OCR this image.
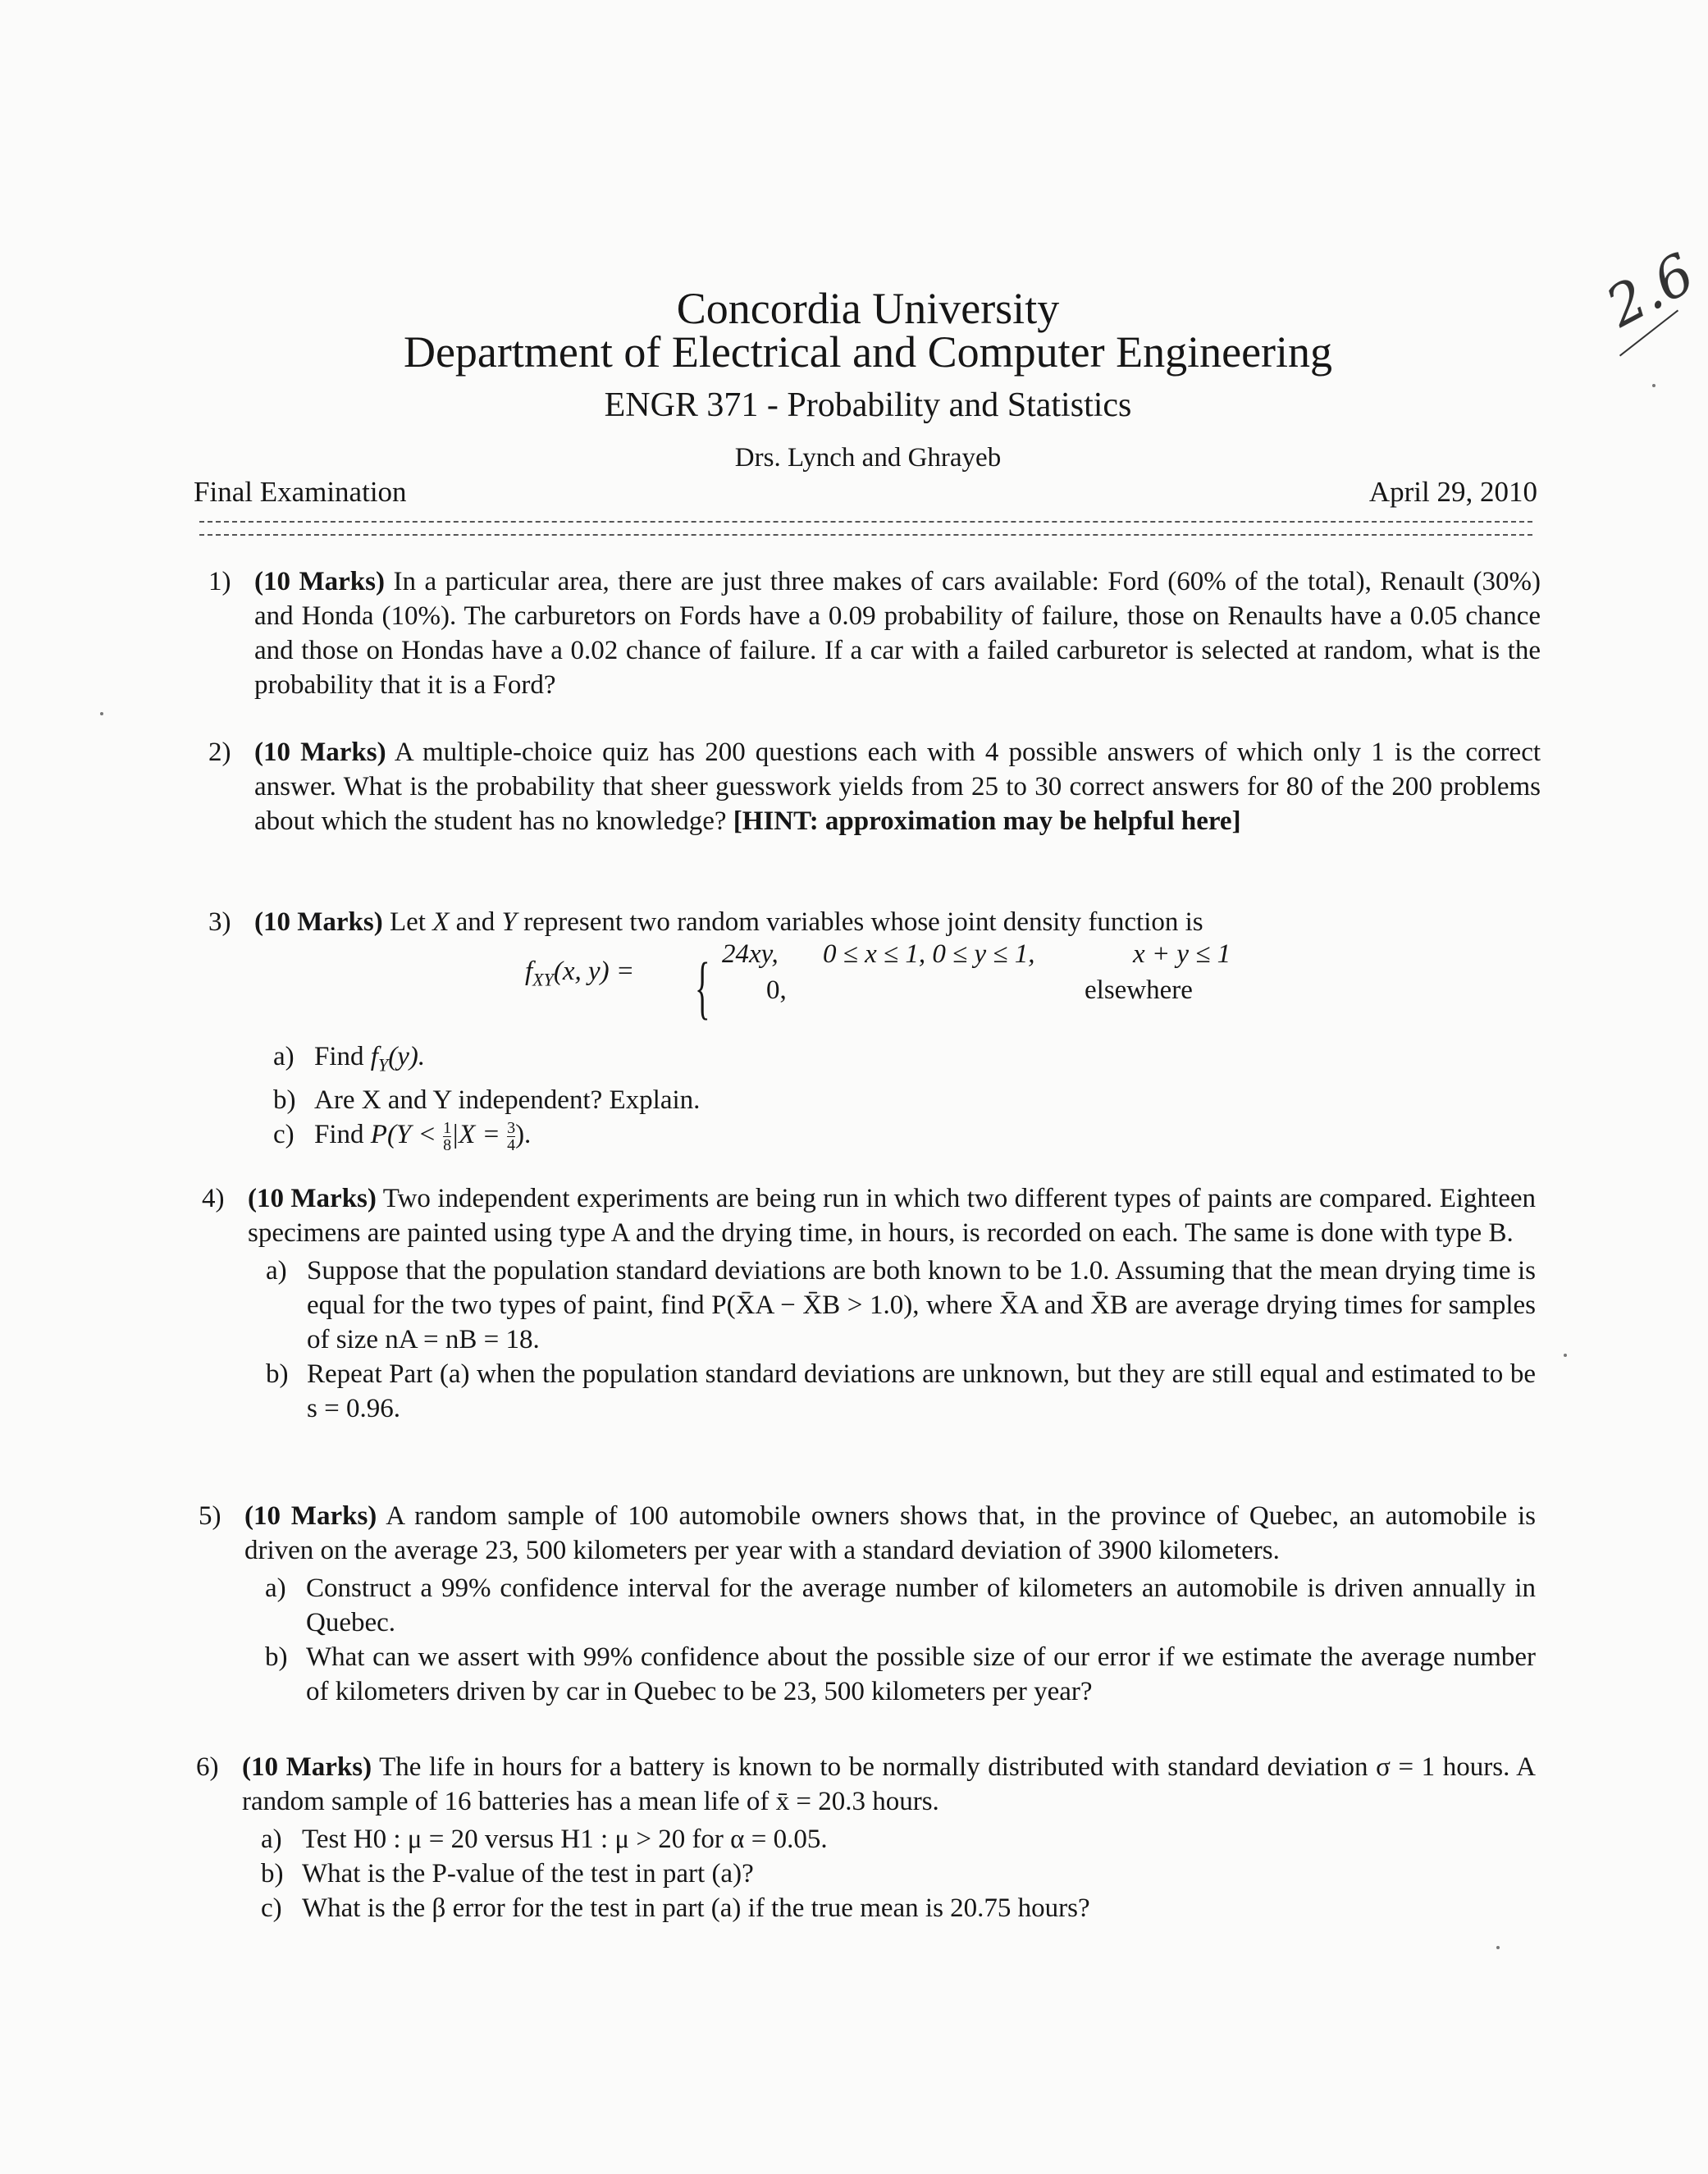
Concordia University
Department of Electrical and Computer Engineering
ENGR 371 - Probability and Statistics
Drs. Lynch and Ghrayeb
Final Examination	April 29, 2010
2.6
1) (10 Marks) In a particular area, there are just three makes of cars available: Ford (60% of the total), Renault (30%) and Honda (10%). The carburetors on Fords have a 0.09 probability of failure, those on Renaults have a 0.05 chance and those on Hondas have a 0.02 chance of failure. If a car with a failed carburetor is selected at random, what is the probability that it is a Ford?
2) (10 Marks) A multiple-choice quiz has 200 questions each with 4 possible answers of which only 1 is the correct answer. What is the probability that sheer guesswork yields from 25 to 30 correct answers for 80 of the 200 problems about which the student has no knowledge? [HINT: approximation may be helpful here]
3) (10 Marks) Let X and Y represent two random variables whose joint density function is
$f_{XY}(x$, y) = { 24xy, 0 ≤ x ≤ 1, 0 ≤ y ≤ 1,	x + y ≤ 1
0,	elsewhere
a) Find $f_Y(y)$.
b) Are X and Y independent? Explain.
c) Find $P(Y < \frac{1}{8} |X = \frac{3}{4}$ ).
4) (10 Marks) Two independent experiments are being run in which two different types of paints are compared. Eighteen specimens are painted using type A and the drying time, in hours, is recorded on each. The same is done with type B.

a) Suppose that the population standard deviations are both known to be 1.0. Assuming that the mean drying time is equal for the two types of paint, find P(X̄A − X̄B > 1.0), where X̄A and X̄B are average drying times for samples of size nA = nB = 18.
b) Repeat Part (a) when the population standard deviations are unknown, but they are still equal and estimated to be s = 0.96.
5) (10 Marks) A random sample of 100 automobile owners shows that, in the province of Quebec, an automobile is driven on the average 23, 500 kilometers per year with a standard deviation of 3900 kilometers.

a) Construct a 99% confidence interval for the average number of kilometers an automobile is driven annually in Quebec.
b) What can we assert with 99% confidence about the possible size of our error if we estimate the average number of kilometers driven by car in Quebec to be 23, 500 kilometers per year?
6) (10 Marks) The life in hours for a battery is known to be normally distributed with standard deviation σ = 1 hours. A random sample of 16 batteries has a mean life of x̄ = 20.3 hours.

a) Test H0 : μ = 20 versus H1 : μ > 20 for α = 0.05.
b) What is the P-value of the test in part (a)?
c) What is the β error for the test in part (a) if the true mean is 20.75 hours?
